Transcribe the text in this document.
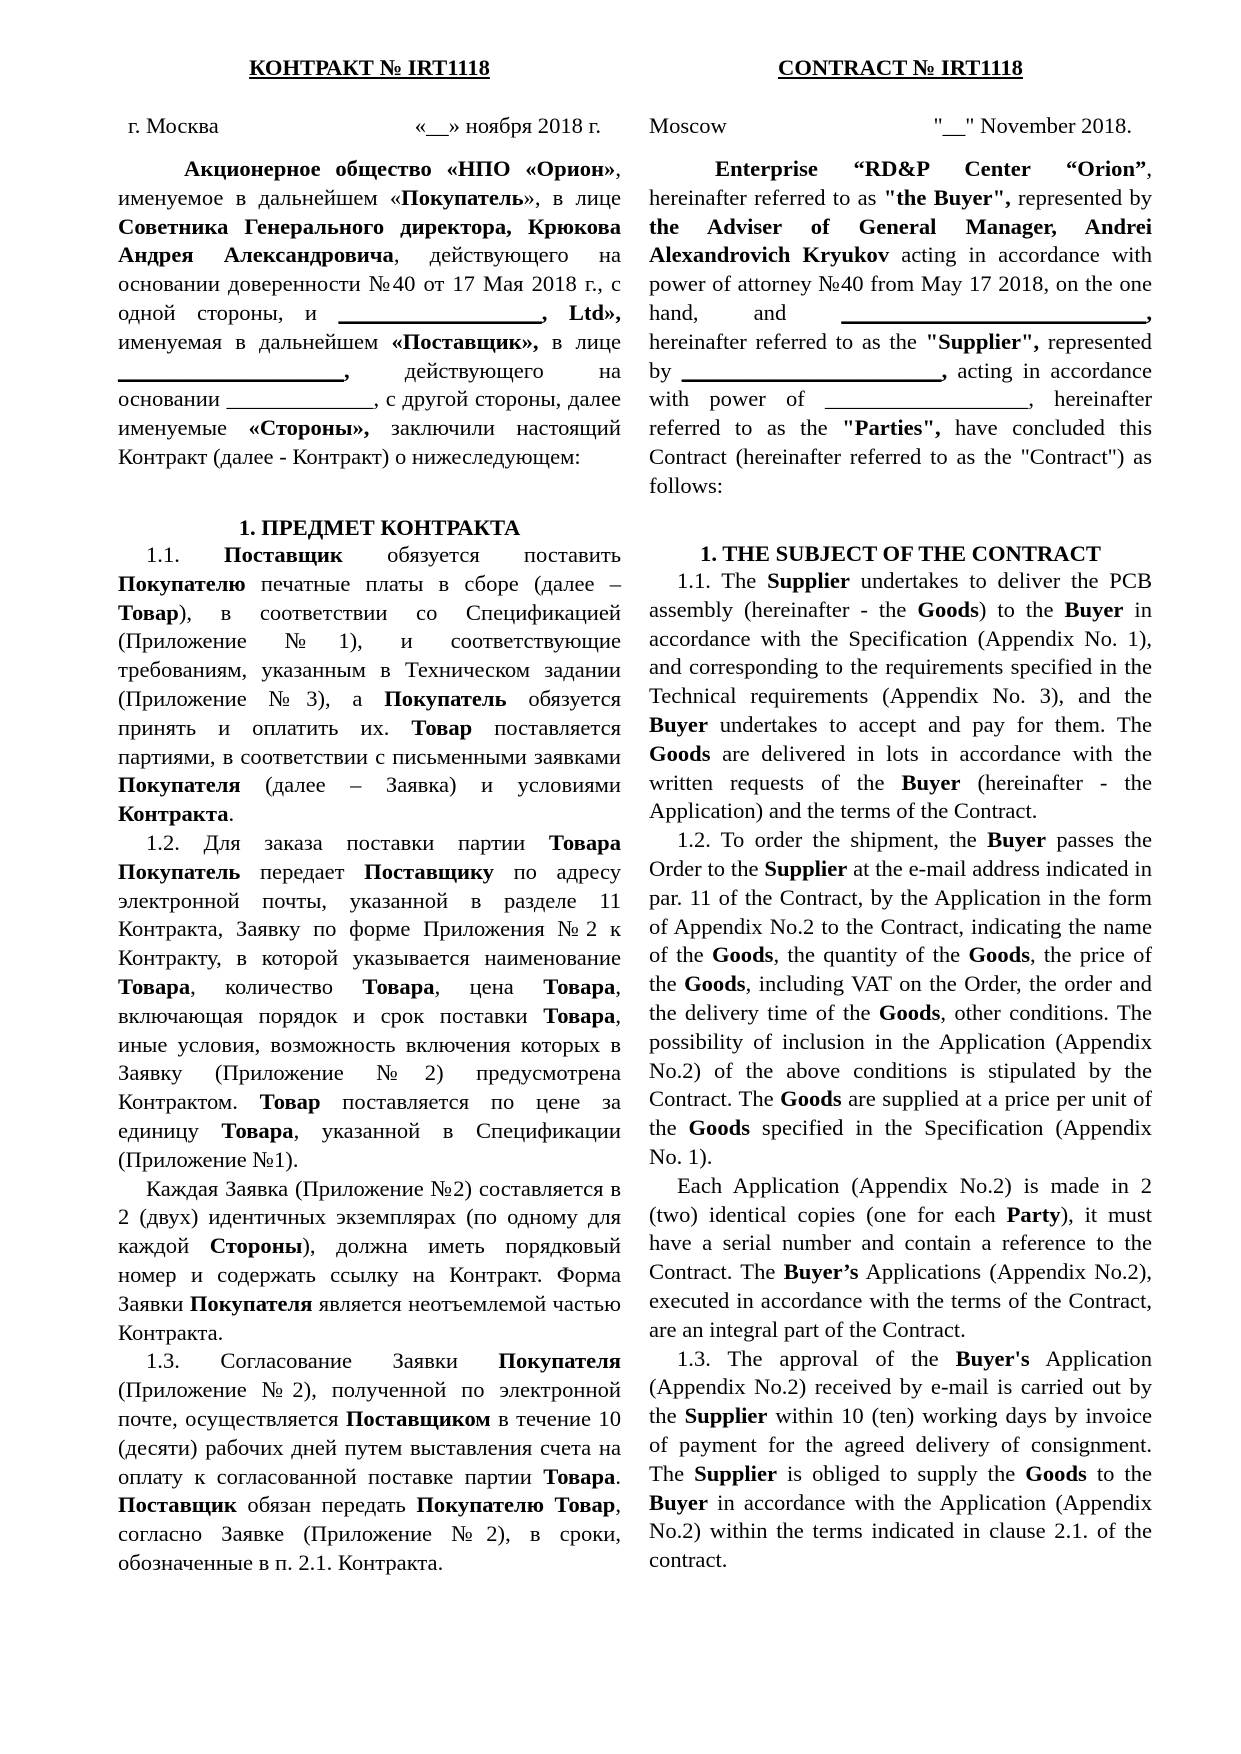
КОНТРАКТ № IRT1118
г. Москва	«__» ноября 2018 г.

Акционерное общество «НПО «Орион», именуемое в дальнейшем «Покупатель», в лице Советника Генерального директора, Крюкова Андрея Александровича, действующего на основании доверенности №40 от 17 Мая 2018 г., с одной стороны, и __________________, Ltd», именуемая в дальнейшем «Поставщик», в лице ____________________, действующего на основании _____________, с другой стороны, далее именуемые «Стороны», заключили настоящий Контракт (далее - Контракт) о нижеследующем:

1. ПРЕДМЕТ КОНТРАКТА

1.1. Поставщик обязуется поставить Покупателю печатные платы в сборе (далее – Товар), в соответствии со Спецификацией (Приложение №1), и соответствующие требованиям, указанным в Техническом задании (Приложение №3), а Покупатель обязуется принять и оплатить их. Товар поставляется партиями, в соответствии с письменными заявками Покупателя (далее – Заявка) и условиями Контракта.

1.2. Для заказа поставки партии Товара Покупатель передает Поставщику по адресу электронной почты, указанной в разделе 11 Контракта, Заявку по форме Приложения №2 к Контракту, в которой указывается наименование Товара, количество Товара, цена Товара, включающая порядок и срок поставки Товара, иные условия, возможность включения которых в Заявку (Приложение №2) предусмотрена Контрактом. Товар поставляется по цене за единицу Товара, указанной в Спецификации (Приложение №1).

Каждая Заявка (Приложение №2) составляется в 2 (двух) идентичных экземплярах (по одному для каждой Стороны), должна иметь порядковый номер и содержать ссылку на Контракт. Форма Заявки Покупателя является неотъемлемой частью Контракта.

1.3. Согласование Заявки Покупателя (Приложение №2), полученной по электронной почте, осуществляется Поставщиком в течение 10 (десяти) рабочих дней путем выставления счета на оплату к согласованной поставке партии Товара. Поставщик обязан передать Покупателю Товар, согласно Заявке (Приложение №2), в сроки, обозначенные в п. 2.1. Контракта.

CONTRACT № IRT1118
Moscow	"__" November 2018.

Enterprise “RD&P Center “Orion”, hereinafter referred to as "the Buyer", represented by the Adviser of General Manager, Andrei Alexandrovich Kryukov acting in accordance with power of attorney №40 from May 17 2018, on the one hand, and ___________________________, hereinafter referred to as the "Supplier", represented by _______________________, acting in accordance with power of __________________, hereinafter referred to as the "Parties", have concluded this Contract (hereinafter referred to as the "Contract") as follows:

1. THE SUBJECT OF THE CONTRACT

1.1. The Supplier undertakes to deliver the PCB assembly (hereinafter - the Goods) to the Buyer in accordance with the Specification (Appendix No. 1), and corresponding to the requirements specified in the Technical requirements (Appendix No. 3), and the Buyer undertakes to accept and pay for them. The Goods are delivered in lots in accordance with the written requests of the Buyer (hereinafter - the Application) and the terms of the Contract.

1.2. To order the shipment, the Buyer passes the Order to the Supplier at the e-mail address indicated in par. 11 of the Contract, by the Application in the form of Appendix No.2 to the Contract, indicating the name of the Goods, the quantity of the Goods, the price of the Goods, including VAT on the Order, the order and the delivery time of the Goods, other conditions. The possibility of inclusion in the Application (Appendix No.2) of the above conditions is stipulated by the Contract. The Goods are supplied at a price per unit of the Goods specified in the Specification (Appendix No. 1).

Each Application (Appendix No.2) is made in 2 (two) identical copies (one for each Party), it must have a serial number and contain a reference to the Contract. The Buyer’s Applications (Appendix No.2), executed in accordance with the terms of the Contract, are an integral part of the Contract.

1.3. The approval of the Buyer's Application (Appendix No.2) received by e-mail is carried out by the Supplier within 10 (ten) working days by invoice of payment for the agreed delivery of consignment. The Supplier is obliged to supply the Goods to the Buyer in accordance with the Application (Appendix No.2) within the terms indicated in clause 2.1. of the contract.
